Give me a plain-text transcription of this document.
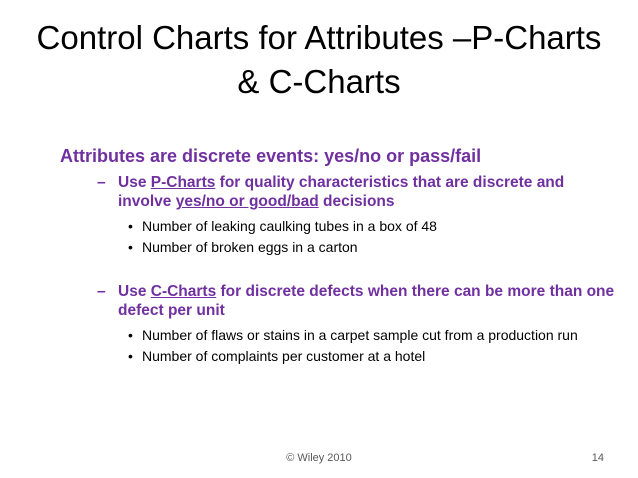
Control Charts for Attributes –P-Charts
& C-Charts
Attributes are discrete events: yes/no or pass/fail
– Use P-Charts for quality characteristics that are discrete and involve yes/no or good/bad decisions
• Number of leaking caulking tubes in a box of 48
• Number of broken eggs in a carton
– Use C-Charts for discrete defects when there can be more than one defect per unit
• Number of flaws or stains in a carpet sample cut from a production run
• Number of complaints per customer at a hotel
© Wiley 2010	14
